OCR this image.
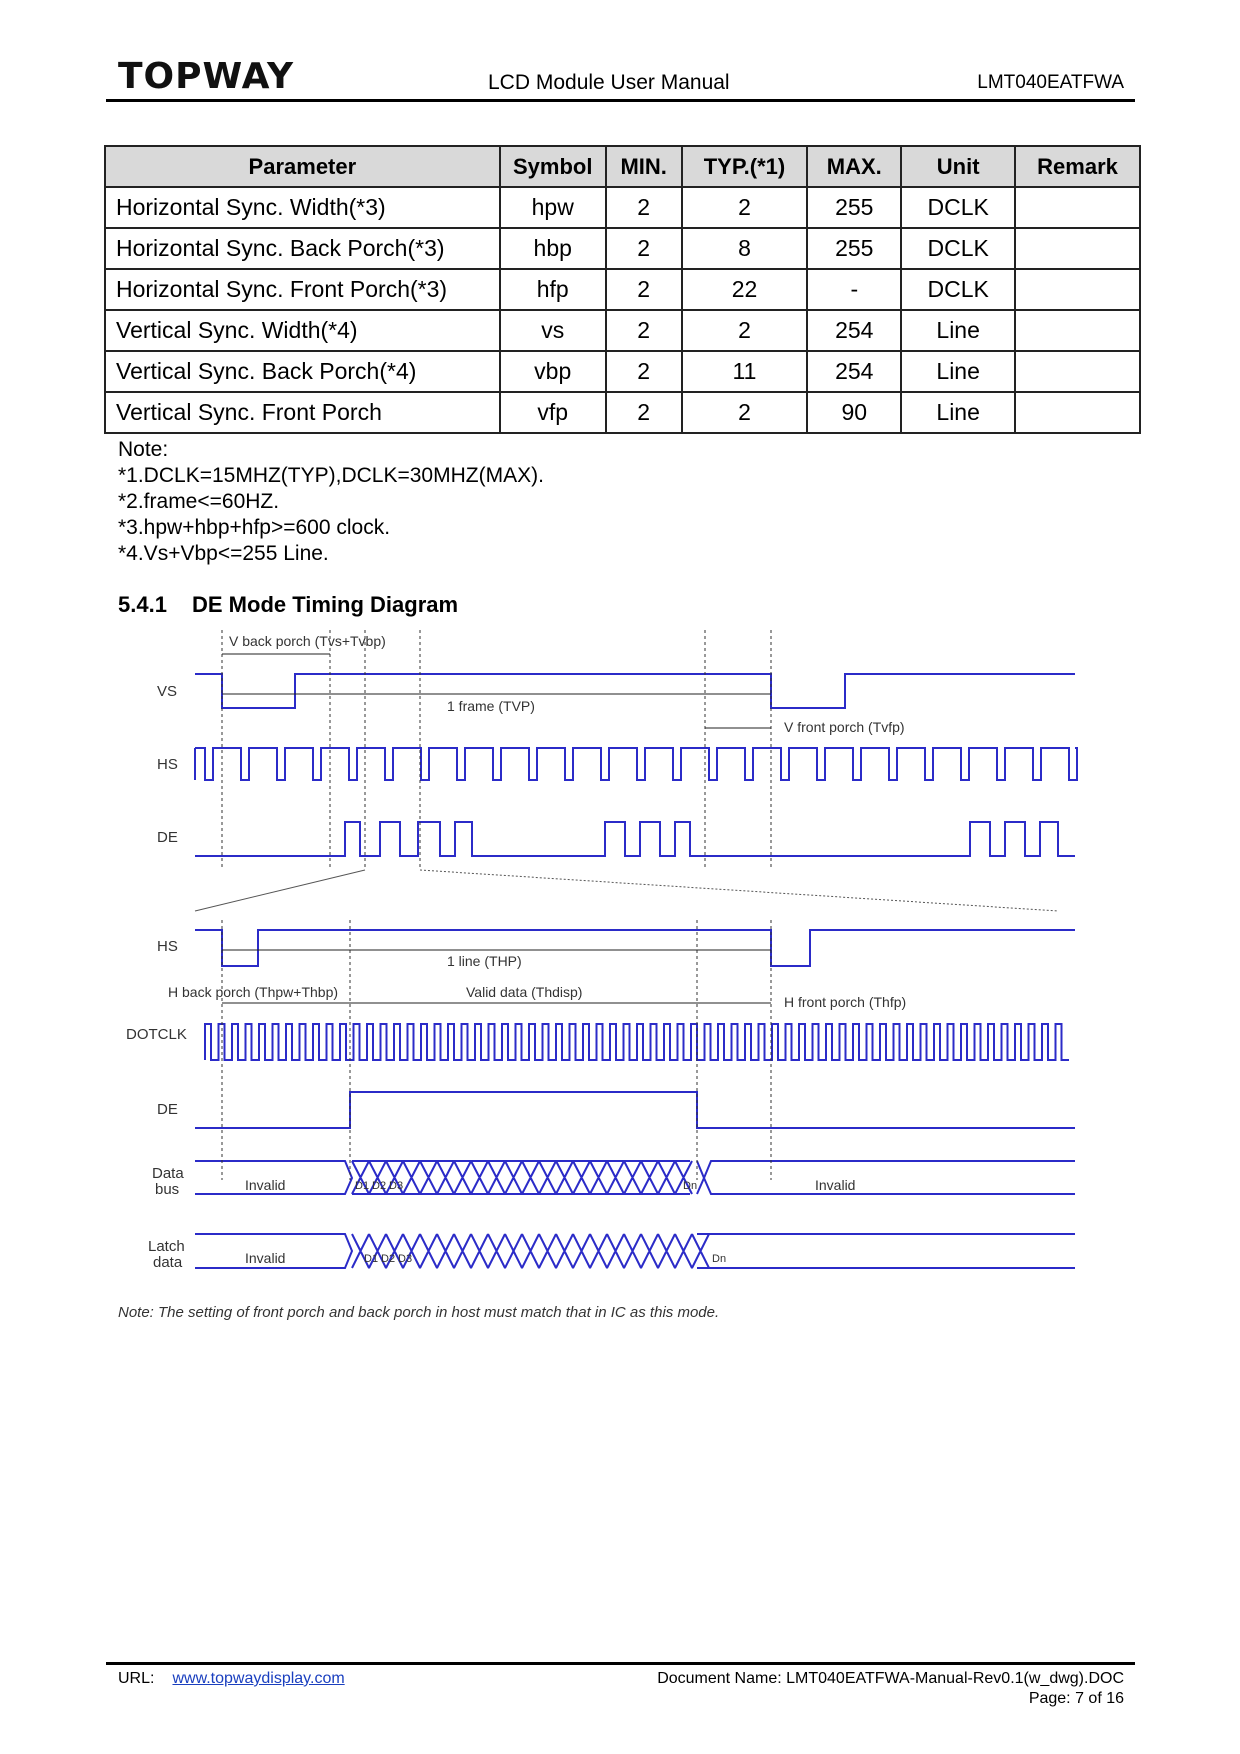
TOPWAY	LCD Module User Manual	LMT040EATFWA
Parameter	Symbol	MIN.	TYP.(*1)	MAX.	Unit	Remark
Horizontal Sync. Width(*3)	hpw	2	2	255	DCLK	
Horizontal Sync. Back Porch(*3)	hbp	2	8	255	DCLK	
Horizontal Sync. Front Porch(*3)	hfp	2	22	-	DCLK	
Vertical Sync. Width(*4)	vs	2	2	254	Line	
Vertical Sync. Back Porch(*4)	vbp	2	11	254	Line	
Vertical Sync. Front Porch	vfp	2	2	90	Line	
Note:
*1.DCLK=15MHZ(TYP),DCLK=30MHZ(MAX).
*2.frame<=60HZ.
*3.hpw+hbp+hfp>=600 clock.
*4.Vs+Vbp<=255 Line.
5.4.1 DE Mode Timing Diagram
VS
HS
DE
HS
DOTCLK
DE
Data
bus
Latch
data
V back porch (Tvs+Tvbp)
1 frame (TVP)
V front porch (Tvfp)
1 line (THP)
H back porch (Thpw+Thbp)	Valid data (Thdisp)
H front porch (Thfp)
Invalid	Invalid
Invalid
D1 D2 D3	Dn
D1 D2 D3	Dn
Note: The setting of front porch and back porch in host must match that in IC as this mode.
URL: www.topwaydisplay.com	Document Name: LMT040EATFWA-Manual-Rev0.1(w_dwg).DOC
Page: 7 of 16
